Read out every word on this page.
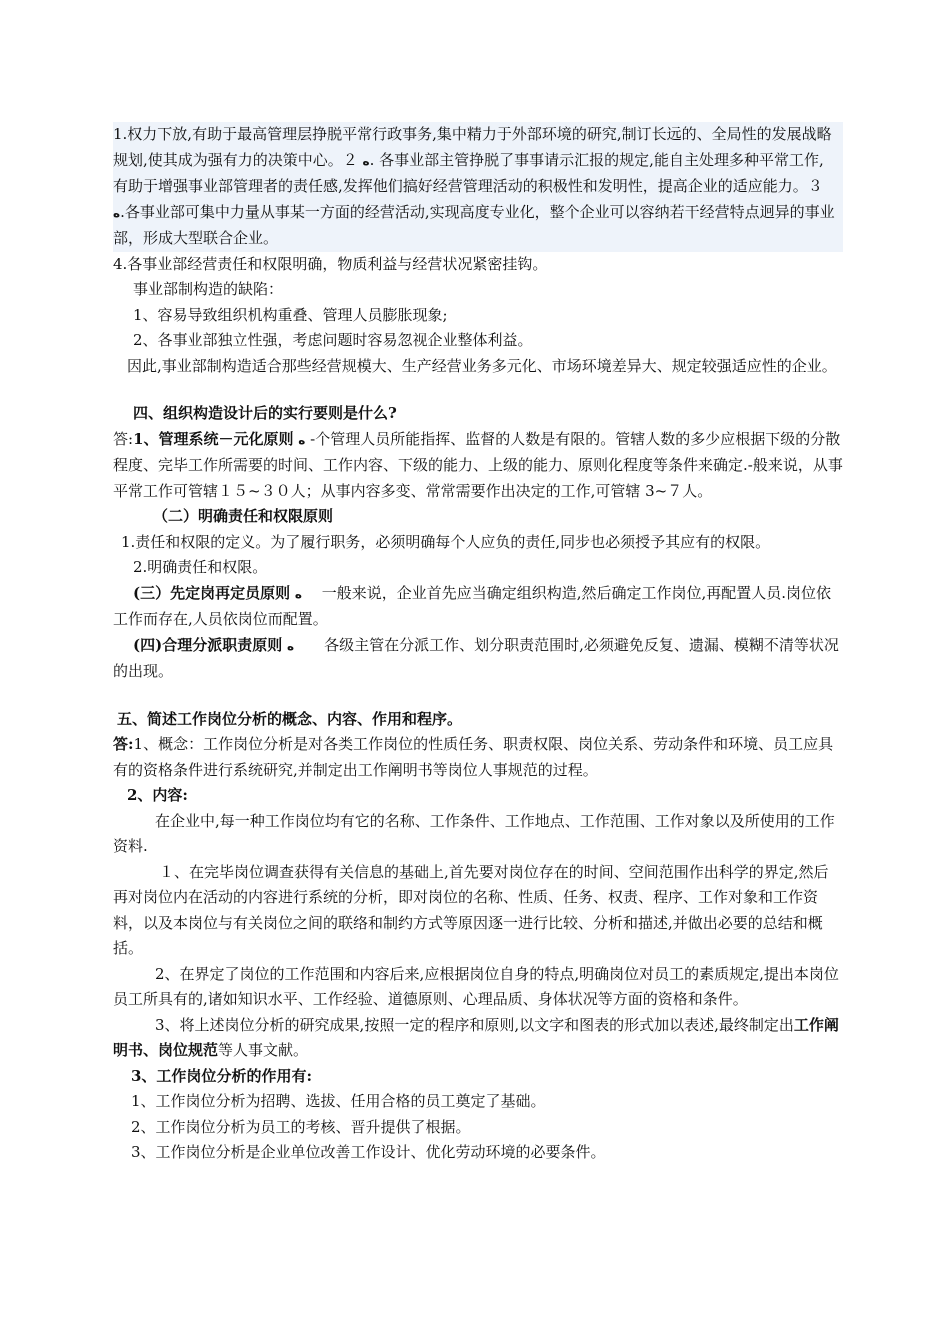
1.权力下放,有助于最高管理层挣脱平常行政事务,集中精力于外部环境的研究,制订长远的、全局性的发展战略规划,使其成为强有力的决策中心。２ ه. 各事业部主管挣脱了事事请示汇报的规定,能自主处理多种平常工作,有助于增强事业部管理者的责任感,发挥他们搞好经营管理活动的积极性和发明性，提高企业的适应能力。３ ه.各事业部可集中力量从事某一方面的经营活动,实现高度专业化，整个企业可以容纳若干经营特点迥异的事业部，形成大型联合企业。

4.各事业部经营责任和权限明确，物质利益与经营状况紧密挂钩。

事业部制构造的缺陷：

1、容易导致组织机构重叠、管理人员膨胀现象;

2、各事业部独立性强，考虑问题时容易忽视企业整体利益。

因此,事业部制构造适合那些经营规模大、生产经营业务多元化、市场环境差异大、规定较强适应性的企业。

四、组织构造设计后的实行要则是什么?

答:1、管理系统－元化原则 ه -个管理人员所能指挥、监督的人数是有限的。管辖人数的多少应根据下级的分散程度、完毕工作所需要的时间、工作内容、下级的能力、上级的能力、原则化程度等条件来确定.-般来说，从事平常工作可管辖１５~３０人；从事内容多变、常常需要作出决定的工作,可管辖 3~７人。

（二）明确责任和权限原则

1.责任和权限的定义。为了履行职务，必须明确每个人应负的责任,同步也必须授予其应有的权限。

2.明确责任和权限。

(三）先定岗再定员原则 ه　 一般来说，企业首先应当确定组织构造,然后确定工作岗位,再配置人员.岗位依工作而存在,人员依岗位而配置。

(四)合理分派职责原则 ه　　各级主管在分派工作、划分职责范围时,必须避免反复、遗漏、模糊不清等状况的出现。

五、简述工作岗位分析的概念、内容、作用和程序。

答:1、概念：工作岗位分析是对各类工作岗位的性质任务、职责权限、岗位关系、劳动条件和环境、员工应具有的资格条件进行系统研究,并制定出工作阐明书等岗位人事规范的过程。

2、内容:

在企业中,每一种工作岗位均有它的名称、工作条件、工作地点、工作范围、工作对象以及所使用的工作资料.

１、在完毕岗位调查获得有关信息的基础上,首先要对岗位存在的时间、空间范围作出科学的界定,然后再对岗位内在活动的内容进行系统的分析，即对岗位的名称、性质、任务、权责、程序、工作对象和工作资料，以及本岗位与有关岗位之间的联络和制约方式等原因逐一进行比较、分析和描述,并做出必要的总结和概括。

2、在界定了岗位的工作范围和内容后来,应根据岗位自身的特点,明确岗位对员工的素质规定,提出本岗位员工所具有的,诸如知识水平、工作经验、道德原则、心理品质、身体状况等方面的资格和条件。

3、将上述岗位分析的研究成果,按照一定的程序和原则,以文字和图表的形式加以表述,最终制定出工作阐明书、岗位规范等人事文献。

3、工作岗位分析的作用有:

1、工作岗位分析为招聘、选拔、任用合格的员工奠定了基础。

2、工作岗位分析为员工的考核、晋升提供了根据。

3、工作岗位分析是企业单位改善工作设计、优化劳动环境的必要条件。
